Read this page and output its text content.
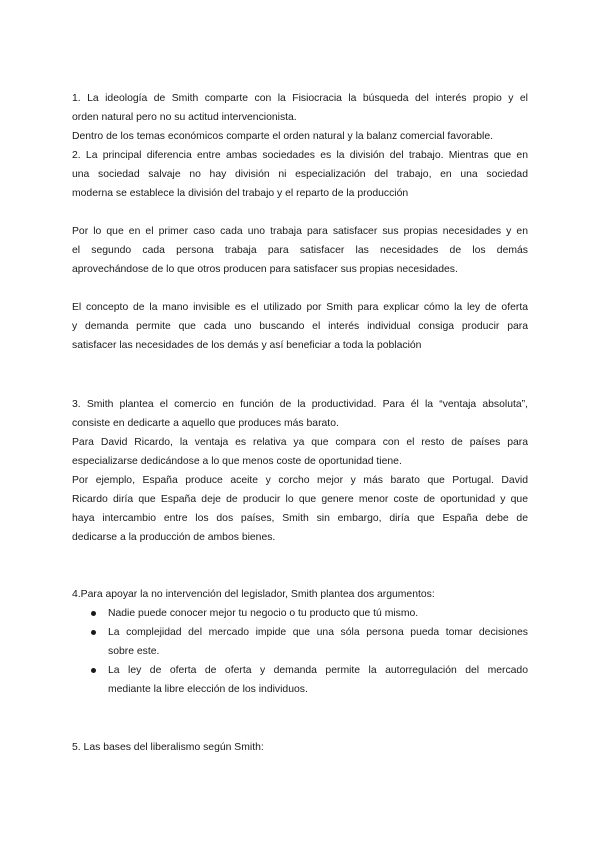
1. La ideología de Smith comparte con la Fisiocracia la búsqueda del interés propio y el
orden natural pero no su actitud intervencionista.
Dentro de los temas económicos comparte el orden natural y la balanz comercial favorable.

2. La principal diferencia entre ambas sociedades es la división del trabajo. Mientras que en
una sociedad salvaje no hay división ni especialización del trabajo, en una sociedad
moderna se establece la división del trabajo y el reparto de la producción

Por lo que en el primer caso cada uno trabaja para satisfacer sus propias necesidades y en
el segundo cada persona trabaja para satisfacer las necesidades de los demás
aprovechándose de lo que otros producen para satisfacer sus propias necesidades.

El concepto de la mano invisible es el utilizado por Smith para explicar cómo la ley de oferta
y demanda permite que cada uno buscando el interés individual consiga producir para
satisfacer las necesidades de los demás y así beneficiar a toda la población

3. Smith plantea el comercio en función de la productividad. Para él la “ventaja absoluta”,
consiste en dedicarte a aquello que produces más barato.
Para David Ricardo, la ventaja es relativa ya que compara con el resto de países para
especializarse dedicándose a lo que menos coste de oportunidad tiene.
Por ejemplo, España produce aceite y corcho mejor y más barato que Portugal. David
Ricardo diría que España deje de producir lo que genere menor coste de oportunidad y que
haya intercambio entre los dos países, Smith sin embargo, diría que España debe de
dedicarse a la producción de ambos bienes.

4.Para apoyar la no intervención del legislador, Smith plantea dos argumentos:

Nadie puede conocer mejor tu negocio o tu producto que tú mismo.
La complejidad del mercado impide que una sóla persona pueda tomar decisiones
sobre este.
La ley de oferta de oferta y demanda permite la autorregulación del mercado
mediante la libre elección de los individuos.

5. Las bases del liberalismo según Smith:
